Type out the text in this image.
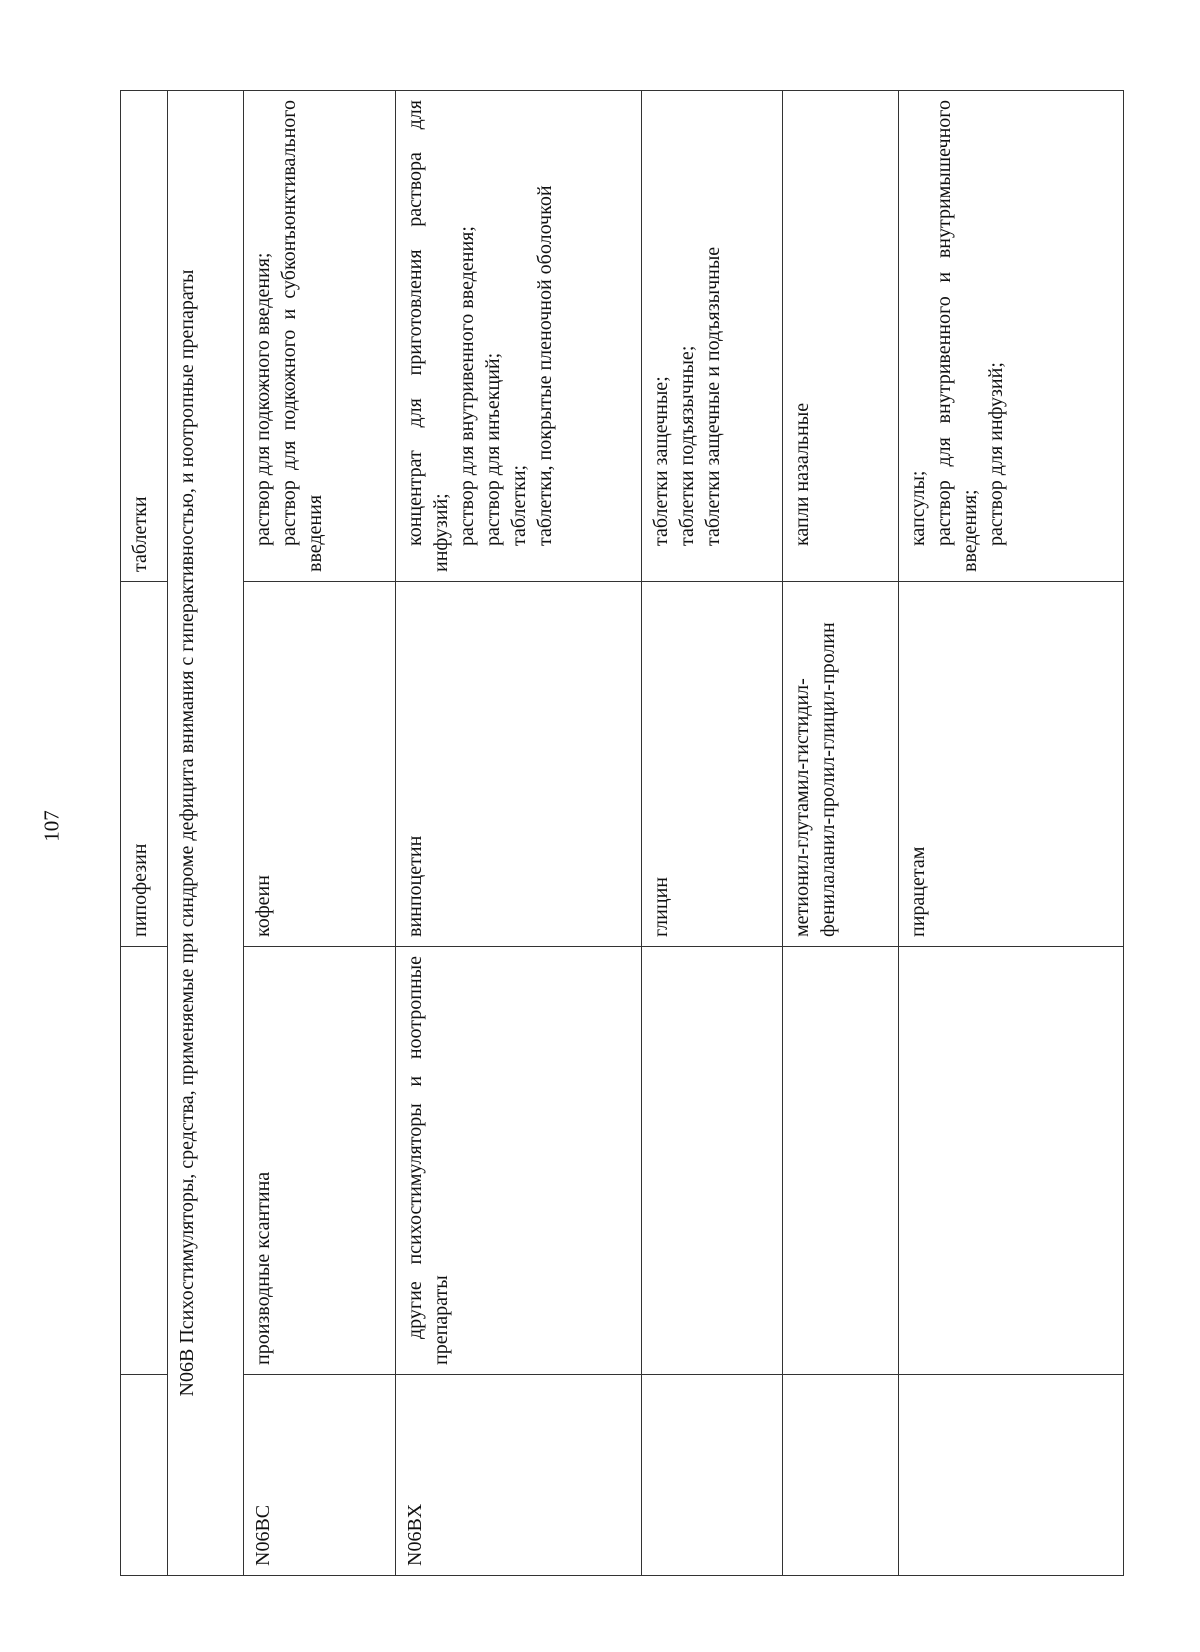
107
		пипофезин	таблетки

N06B Психостимуляторы, средства, применяемые при синдроме дефицита внимания с гиперактивностью, и ноотропные препараты			
N06BC	производные ксантина	кофеин	раствор для подкожного введения; раствор для подкожного и субконъюнктивального введения

N06BX	другие психостимуляторы и ноотропные препараты	винпоцетин	концентрат для приготовления раствора для инфузий; раствор для внутривенного введения; раствор для инъекций; таблетки; таблетки, покрытые пленочной оболочкой

		глицин	таблетки защечные; таблетки подъязычные; таблетки защечные и подъязычные

		метионил-глутамил-гистидил-фенилаланил-пролил-глицил-пролин	капли назальные

		пирацетам	капсулы; раствор для внутривенного и внутримышечного введения; раствор для инфузий;
